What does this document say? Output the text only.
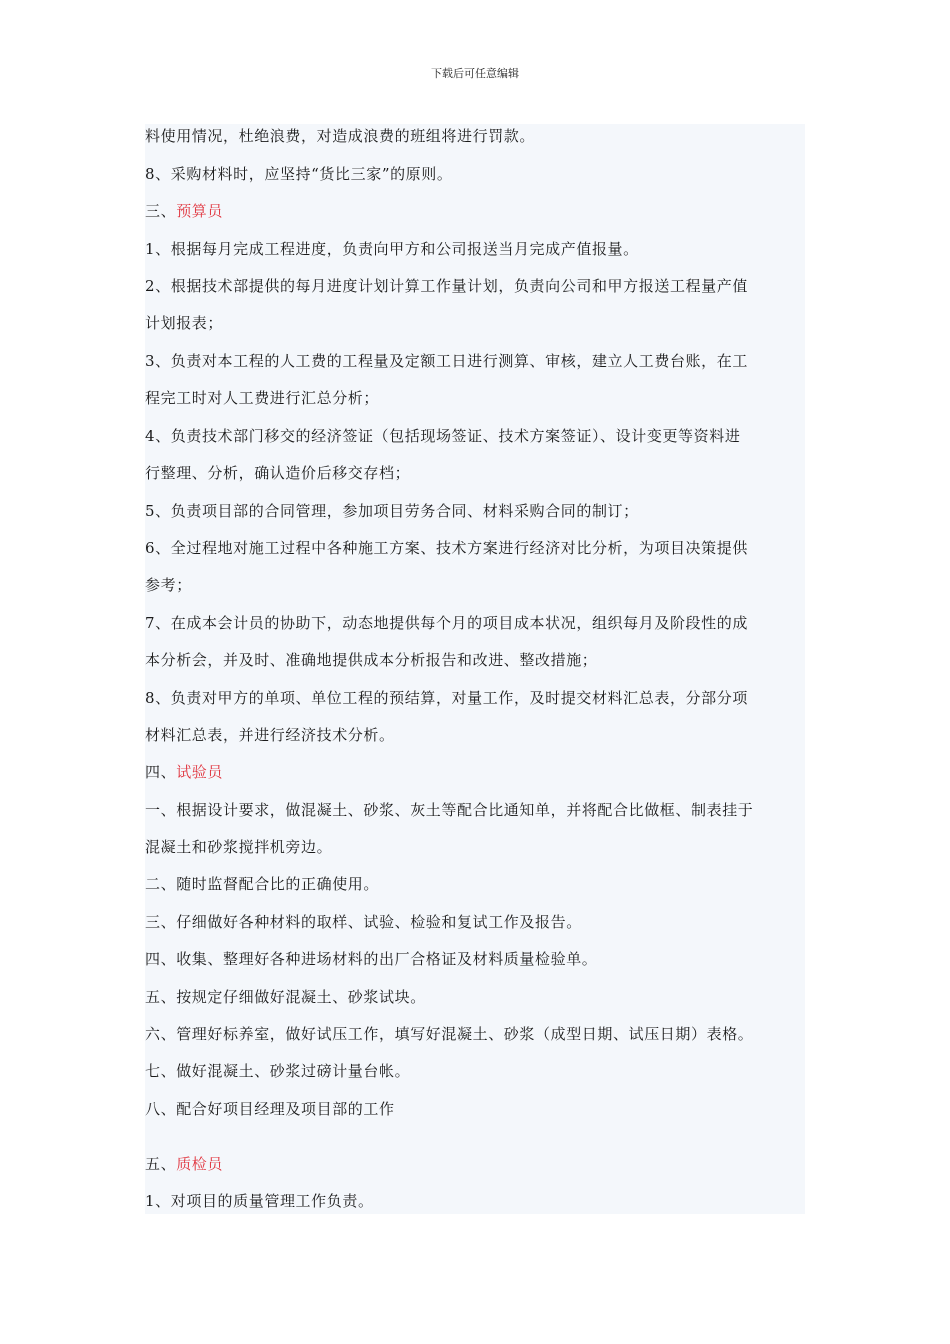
下载后可任意编辑
料使用情况，杜绝浪费，对造成浪费的班组将进行罚款。
8、采购材料时，应坚持“货比三家”的原则。
三、预算员
1、根据每月完成工程进度，负责向甲方和公司报送当月完成产值报量。
2、根据技术部提供的每月进度计划计算工作量计划，负责向公司和甲方报送工程量产值
计划报表；
3、负责对本工程的人工费的工程量及定额工日进行测算、审核，建立人工费台账，在工
程完工时对人工费进行汇总分析；
4、负责技术部门移交的经济签证（包括现场签证、技术方案签证）、设计变更等资料进
行整理、分析，确认造价后移交存档；
5、负责项目部的合同管理，参加项目劳务合同、材料采购合同的制订；
6、全过程地对施工过程中各种施工方案、技术方案进行经济对比分析，为项目决策提供
参考；
7、在成本会计员的协助下，动态地提供每个月的项目成本状况，组织每月及阶段性的成
本分析会，并及时、准确地提供成本分析报告和改进、整改措施；
8、负责对甲方的单项、单位工程的预结算，对量工作，及时提交材料汇总表，分部分项
材料汇总表，并进行经济技术分析。
四、试验员
一、根据设计要求，做混凝土、砂浆、灰土等配合比通知单，并将配合比做框、制表挂于
混凝土和砂浆搅拌机旁边。
二、随时监督配合比的正确使用。
三、仔细做好各种材料的取样、试验、检验和复试工作及报告。
四、收集、整理好各种进场材料的出厂合格证及材料质量检验单。
五、按规定仔细做好混凝土、砂浆试块。
六、管理好标养室，做好试压工作，填写好混凝土、砂浆（成型日期、试压日期）表格。
七、做好混凝土、砂浆过磅计量台帐。
八、配合好项目经理及项目部的工作
五、质检员
1、对项目的质量管理工作负责。
